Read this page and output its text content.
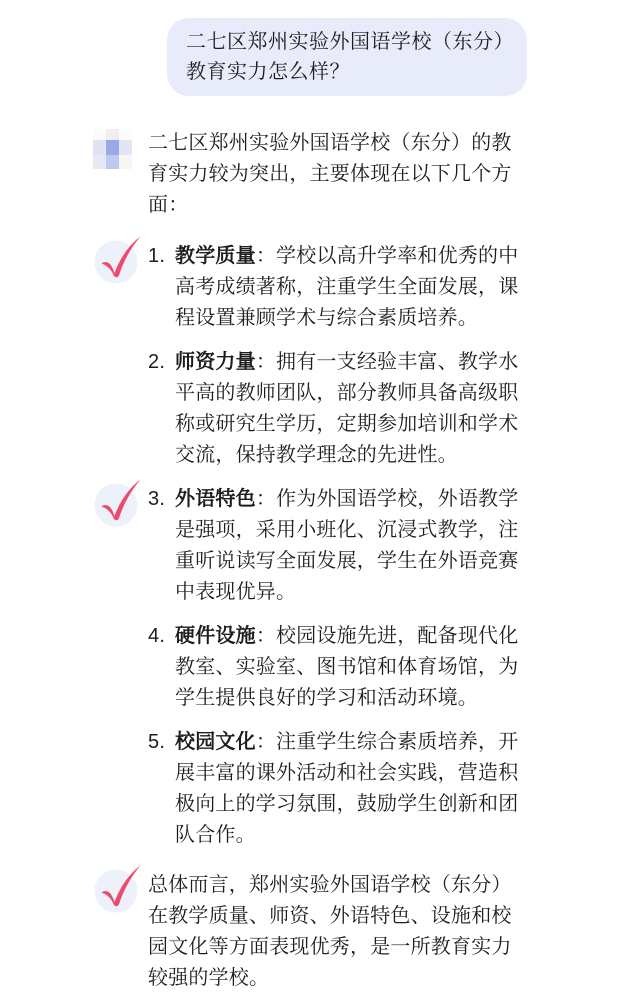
二七区郑州实验外国语学校（东分）教育实力怎么样？

二七区郑州实验外国语学校（东分）的教育实力较为突出，主要体现在以下几个方面：

1. 教学质量：学校以高升学率和优秀的中高考成绩著称，注重学生全面发展，课程设置兼顾学术与综合素质培养。
2. 师资力量：拥有一支经验丰富、教学水平高的教师团队，部分教师具备高级职称或研究生学历，定期参加培训和学术交流，保持教学理念的先进性。
3. 外语特色：作为外国语学校，外语教学是强项，采用小班化、沉浸式教学，注重听说读写全面发展，学生在外语竞赛中表现优异。
4. 硬件设施：校园设施先进，配备现代化教室、实验室、图书馆和体育场馆，为学生提供良好的学习和活动环境。
5. 校园文化：注重学生综合素质培养，开展丰富的课外活动和社会实践，营造积极向上的学习氛围，鼓励学生创新和团队合作。

总体而言，郑州实验外国语学校（东分）在教学质量、师资、外语特色、设施和校园文化等方面表现优秀，是一所教育实力较强的学校。
